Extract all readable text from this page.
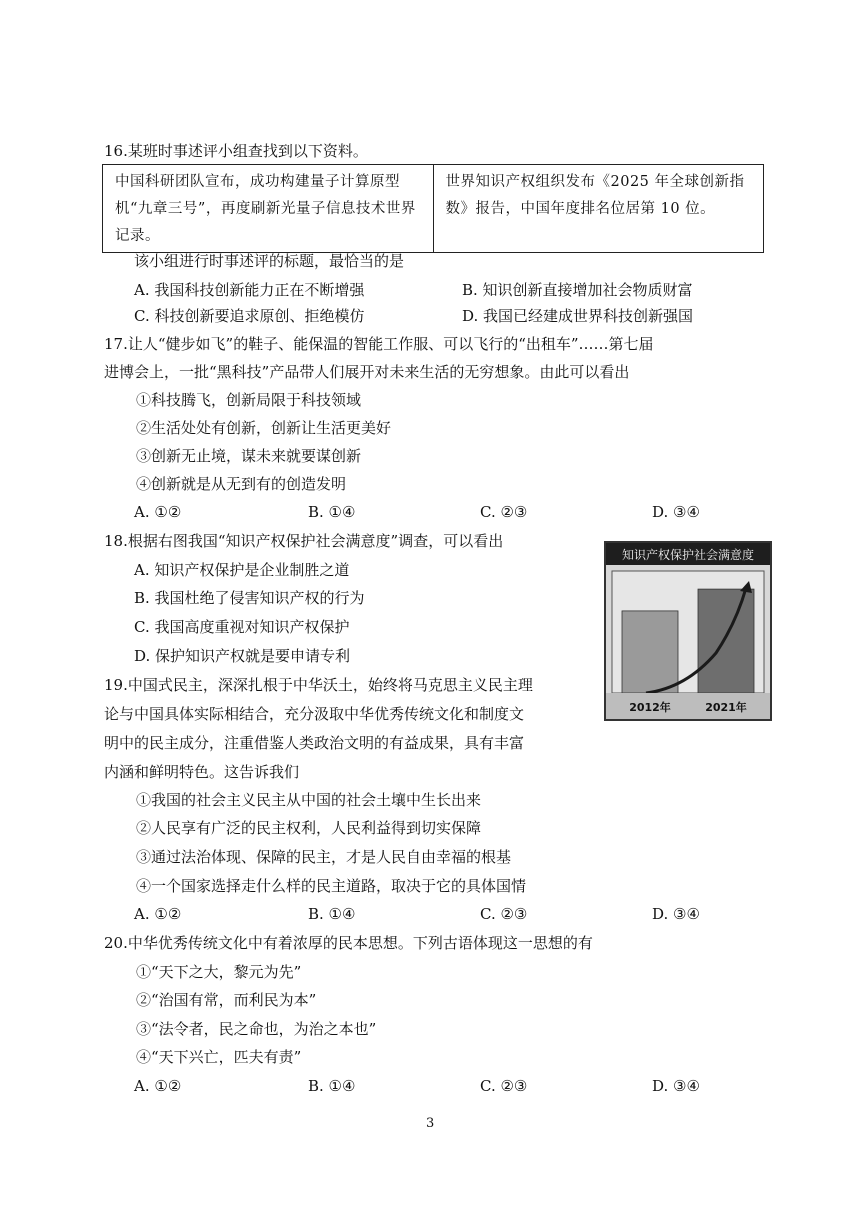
16.某班时事述评小组查找到以下资料。
中国科研团队宣布，成功构建量子计算原型机“九章三号”，再度刷新光量子信息技术世界记录。	世界知识产权组织发布《2025 年全球创新指数》报告，中国年度排名位居第 10 位。
该小组进行时事述评的标题，最恰当的是
A. 我国科技创新能力正在不断增强	B. 知识创新直接增加社会物质财富
C. 科技创新要追求原创、拒绝模仿	D. 我国已经建成世界科技创新强国
17.让人“健步如飞”的鞋子、能保温的智能工作服、可以飞行的“出租车”……第七届
进博会上，一批“黑科技”产品带人们展开对未来生活的无穷想象。由此可以看出
①科技腾飞，创新局限于科技领域
②生活处处有创新，创新让生活更美好
③创新无止境，谋未来就要谋创新
④创新就是从无到有的创造发明
A. ①②	B. ①④	C. ②③	D. ③④
18.根据右图我国“知识产权保护社会满意度”调查，可以看出
A. 知识产权保护是企业制胜之道
B. 我国杜绝了侵害知识产权的行为
C. 我国高度重视对知识产权保护
D. 保护知识产权就是要申请专利
知识产权保护社会满意度
2012年	2021年
19.中国式民主，深深扎根于中华沃土，始终将马克思主义民主理
论与中国具体实际相结合，充分汲取中华优秀传统文化和制度文
明中的民主成分，注重借鉴人类政治文明的有益成果，具有丰富
内涵和鲜明特色。这告诉我们
①我国的社会主义民主从中国的社会土壤中生长出来
②人民享有广泛的民主权利，人民利益得到切实保障
③通过法治体现、保障的民主，才是人民自由幸福的根基
④一个国家选择走什么样的民主道路，取决于它的具体国情
A. ①②	B. ①④	C. ②③	D. ③④
20.中华优秀传统文化中有着浓厚的民本思想。下列古语体现这一思想的有
①“天下之大，黎元为先”
②“治国有常，而利民为本”
③“法令者，民之命也，为治之本也”
④“天下兴亡，匹夫有责”
A. ①②	B. ①④	C. ②③	D. ③④
3
